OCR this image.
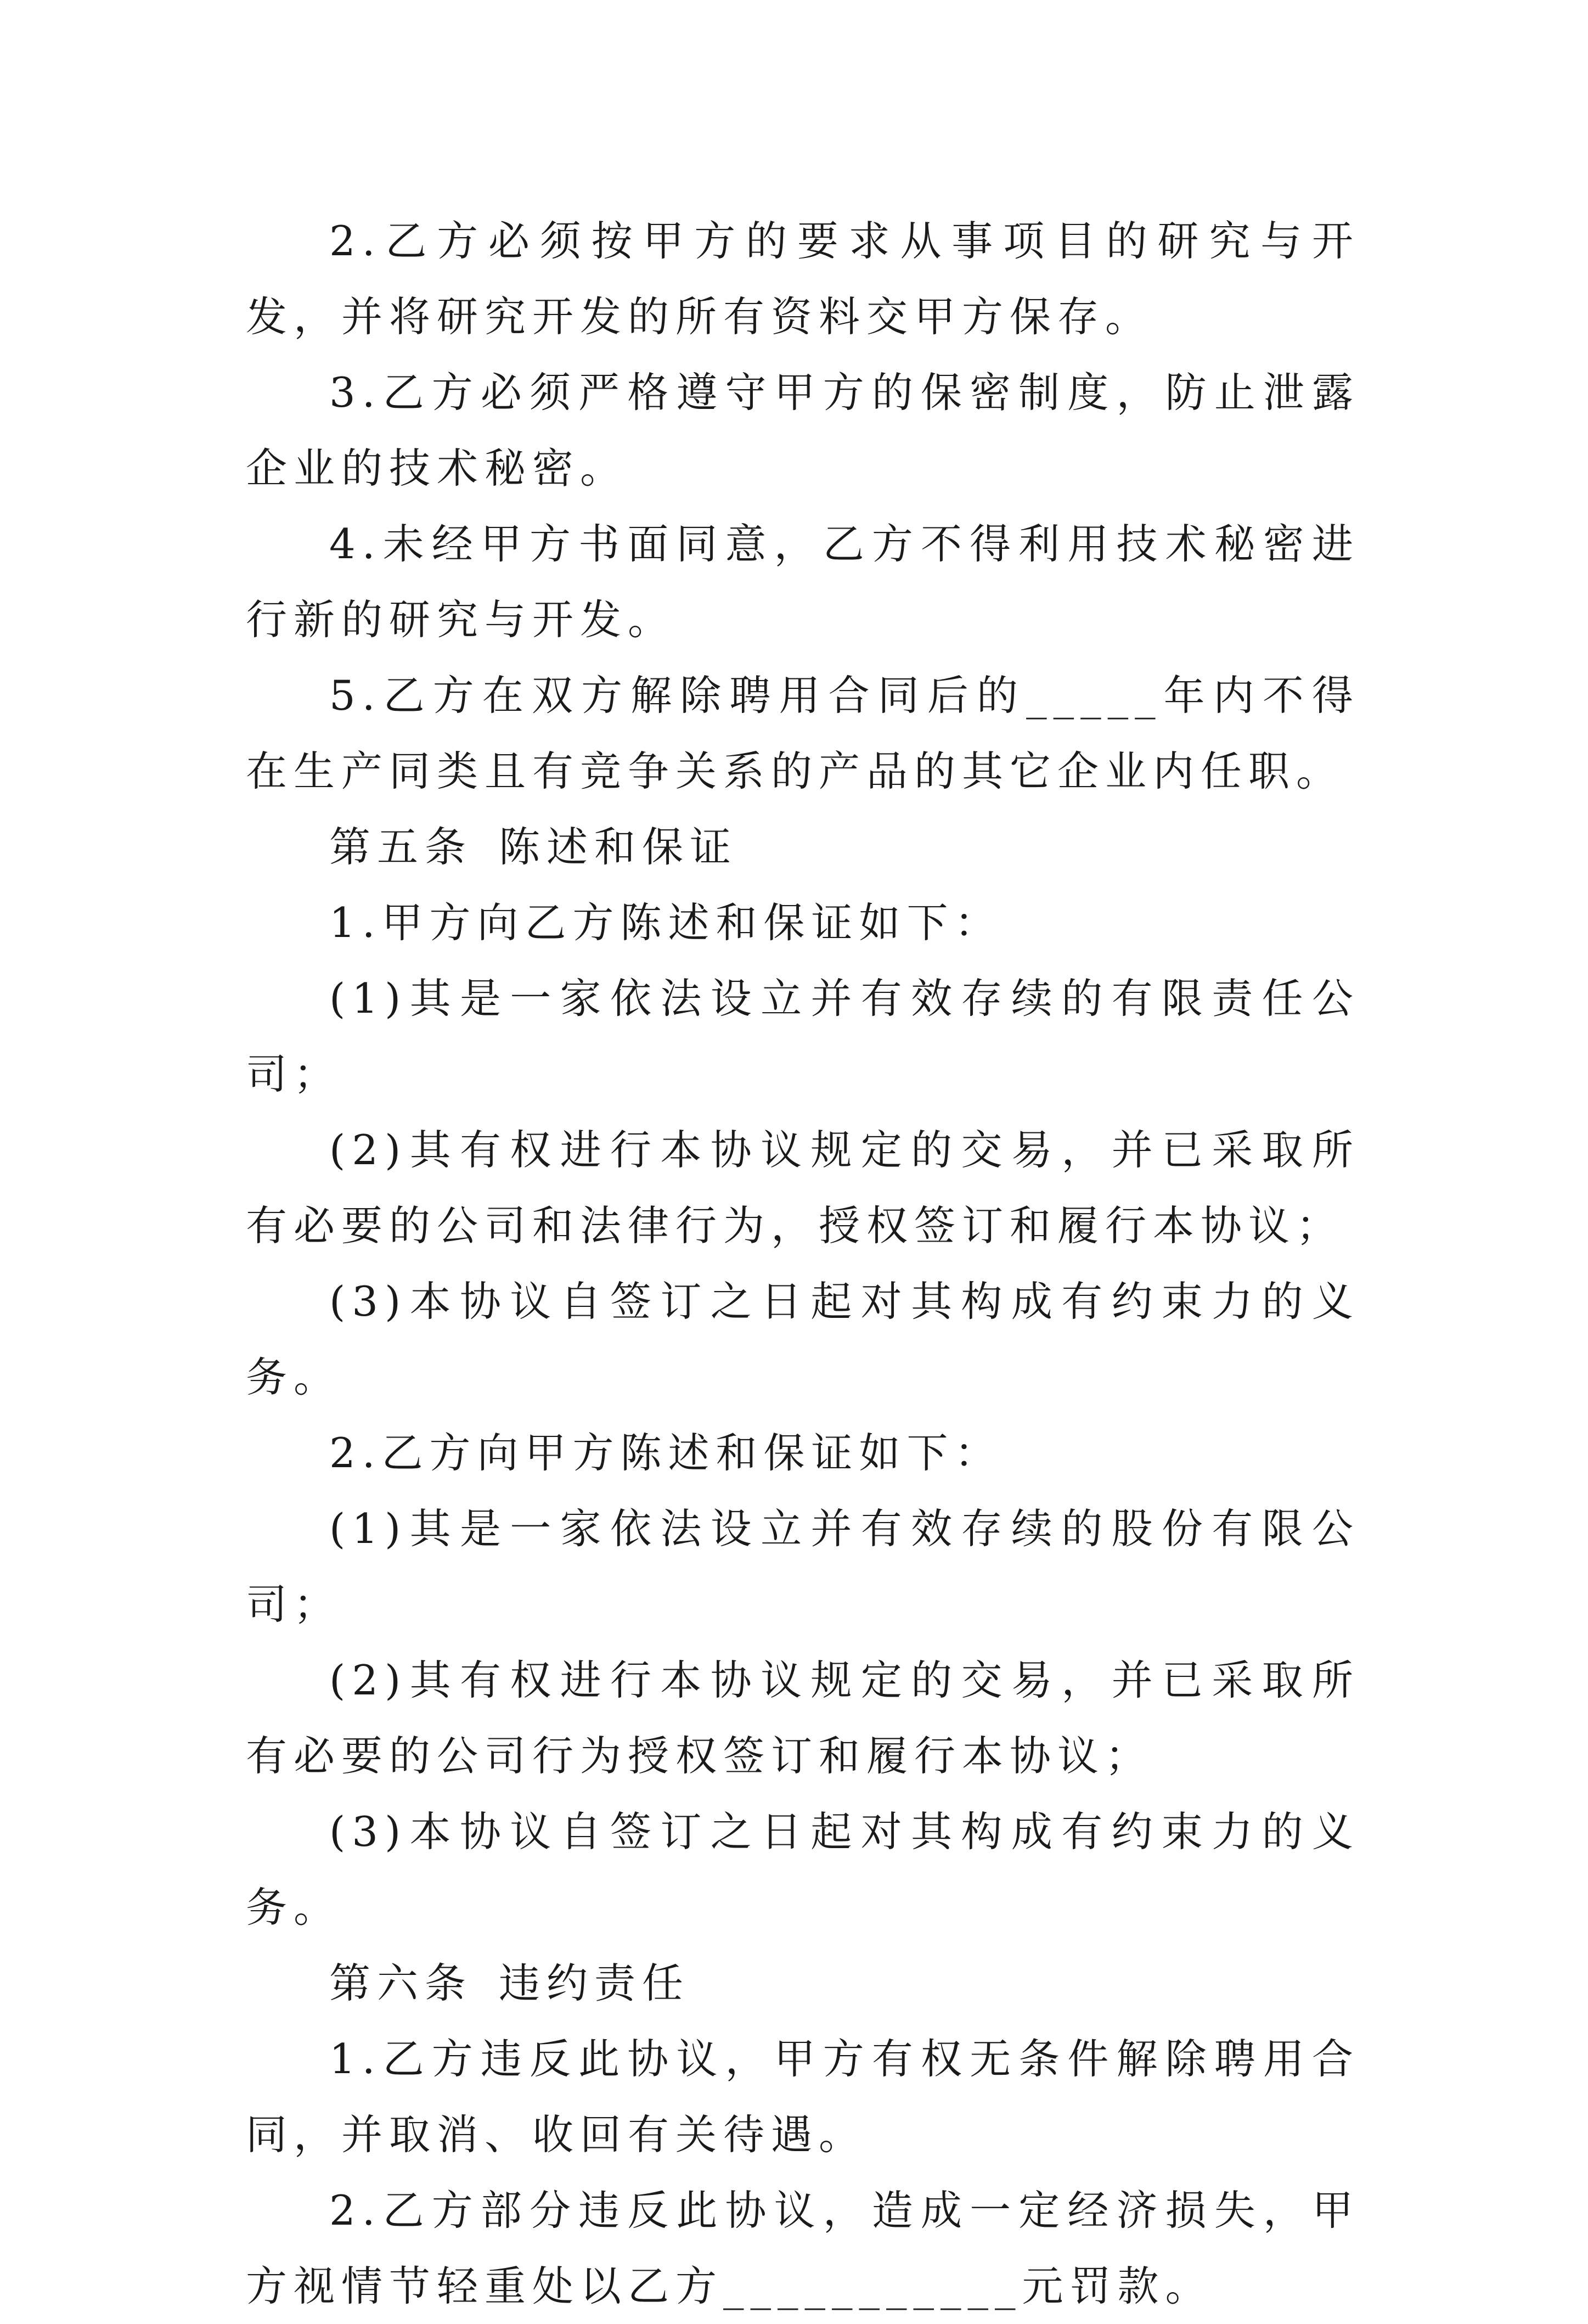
2.乙方必须按甲方的要求从事项目的研究与开发，并将研究开发的所有资料交甲方保存。

3.乙方必须严格遵守甲方的保密制度，防止泄露企业的技术秘密。

4.未经甲方书面同意，乙方不得利用技术秘密进行新的研究与开发。

5.乙方在双方解除聘用合同后的_____年内不得在生产同类且有竞争关系的产品的其它企业内任职。

第五条 陈述和保证

1.甲方向乙方陈述和保证如下：

(1)其是一家依法设立并有效存续的有限责任公司；

(2)其有权进行本协议规定的交易，并已采取所有必要的公司和法律行为，授权签订和履行本协议；

(3)本协议自签订之日起对其构成有约束力的义务。

2.乙方向甲方陈述和保证如下：

(1)其是一家依法设立并有效存续的股份有限公司；

(2)其有权进行本协议规定的交易，并已采取所有必要的公司行为授权签订和履行本协议；

(3)本协议自签订之日起对其构成有约束力的义务。

第六条 违约责任

1.乙方违反此协议，甲方有权无条件解除聘用合同，并取消、收回有关待遇。

2.乙方部分违反此协议，造成一定经济损失，甲方视情节轻重处以乙方___________元罚款。
